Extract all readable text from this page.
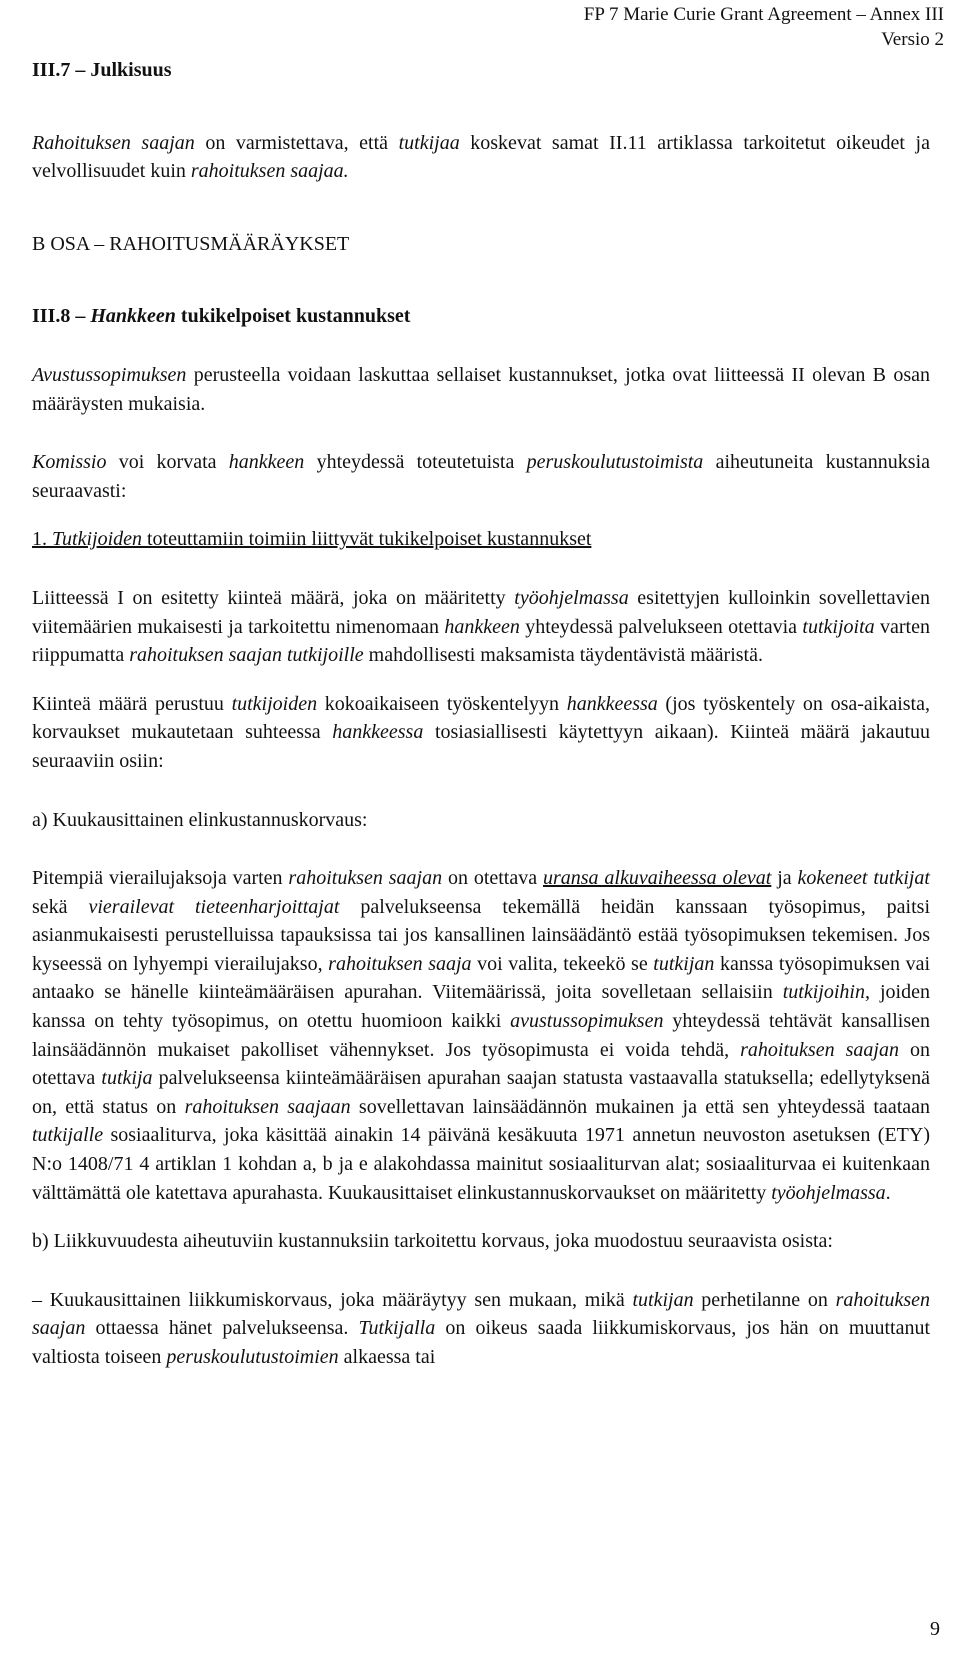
FP 7 Marie Curie Grant Agreement – Annex III
Versio 2

III.7 – Julkisuus

Rahoituksen saajan on varmistettava, että tutkijaa koskevat samat II.11 artiklassa tarkoitetut oikeudet ja velvollisuudet kuin rahoituksen saajaa.

B OSA – RAHOITUSMÄÄRÄYKSET

III.8 – Hankkeen tukikelpoiset kustannukset

Avustussopimuksen perusteella voidaan laskuttaa sellaiset kustannukset, jotka ovat liitteessä II olevan B osan määräysten mukaisia.

Komissio voi korvata hankkeen yhteydessä toteutetuista peruskoulutustoimista aiheutuneita kustannuksia seuraavasti:

1. Tutkijoiden toteuttamiin toimiin liittyvät tukikelpoiset kustannukset

Liitteessä I on esitetty kiinteä määrä, joka on määritetty työohjelmassa esitettyjen kulloinkin sovellettavien viitemäärien mukaisesti ja tarkoitettu nimenomaan hankkeen yhteydessä palvelukseen otettavia tutkijoita varten riippumatta rahoituksen saajan tutkijoille mahdollisesti maksamista täydentävistä määristä.

Kiinteä määrä perustuu tutkijoiden kokoaikaiseen työskentelyyn hankkeessa (jos työskentely on osa-aikaista, korvaukset mukautetaan suhteessa hankkeessa tosiasiallisesti käytettyyn aikaan). Kiinteä määrä jakautuu seuraaviin osiin:

a) Kuukausittainen elinkustannuskorvaus:

Pitempiä vierailujaksoja varten rahoituksen saajan on otettava uransa alkuvaiheessa olevat ja kokeneet tutkijat sekä vierailevat tieteenharjoittajat palvelukseensa tekemällä heidän kanssaan työsopimus, paitsi asianmukaisesti perustelluissa tapauksissa tai jos kansallinen lainsäädäntö estää työsopimuksen tekemisen. Jos kyseessä on lyhyempi vierailujakso, rahoituksen saaja voi valita, tekeekö se tutkijan kanssa työsopimuksen vai antaako se hänelle kiinteämääräisen apurahan. Viitemäärissä, joita sovelletaan sellaisiin tutkijoihin, joiden kanssa on tehty työsopimus, on otettu huomioon kaikki avustussopimuksen yhteydessä tehtävät kansallisen lainsäädännön mukaiset pakolliset vähennykset. Jos työsopimusta ei voida tehdä, rahoituksen saajan on otettava tutkija palvelukseensa kiinteämääräisen apurahan saajan statusta vastaavalla statuksella; edellytyksenä on, että status on rahoituksen saajaan sovellettavan lainsäädännön mukainen ja että sen yhteydessä taataan tutkijalle sosiaaliturva, joka käsittää ainakin 14 päivänä kesäkuuta 1971 annetun neuvoston asetuksen (ETY) N:o 1408/71 4 artiklan 1 kohdan a, b ja e alakohdassa mainitut sosiaaliturvan alat; sosiaaliturvaa ei kuitenkaan välttämättä ole katettava apurahasta. Kuukausittaiset elinkustannuskorvaukset on määritetty työohjelmassa.

b) Liikkuvuudesta aiheutuviin kustannuksiin tarkoitettu korvaus, joka muodostuu seuraavista osista:

– Kuukausittainen liikkumiskorvaus, joka määräytyy sen mukaan, mikä tutkijan perhetilanne on rahoituksen saajan ottaessa hänet palvelukseensa. Tutkijalla on oikeus saada liikkumiskorvaus, jos hän on muuttanut valtiosta toiseen peruskoulutustoimien alkaessa tai

9
